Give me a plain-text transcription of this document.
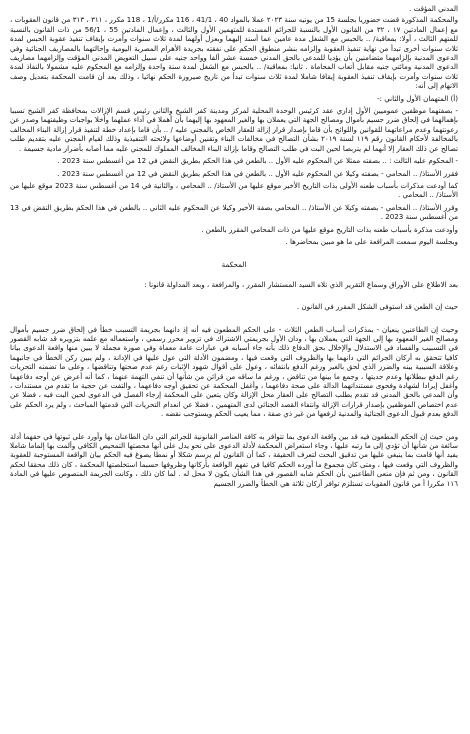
المدني المؤقت .

والمحكمة المذكورة قضت حضوريا بجلسة 15 من يونيه سنة ٢٠٢٣ عملا بالمواد 40 ، 41/1 ، 116 مكرر/أ/1 ، 118 مكرر ، ٣١١ ، ٣١٣ من قانون العقوبات ، مع إعمال المادتين ١٧ ، ٣٢ من القانون الأول بالنسبة للجرائم المسندة للمتهمين الأول والثالث ، وإعمال المادتين 55 ، 56/1 من ذات القانون بالنسبة للمتهم الثالث ، أولا: بمعاقبة/ .. بالحبس مع الشغل مدة عامين عما أسند إليهما وبعزل أولهما لمدة ثلاث سنوات وأمرت بإيقاف تنفيذ عقوبة الحبس لمدة ثلاث سنوات أخرى تبدأ من نهاية تنفيذ العقوبة وإلزامه بنشر منطوق الحكم على نفقته بجريدة الأهرام المصرية اليومية وإحالتهما بالمصاريف الجنائية وفي الدعوى المدنية بإلزامهما متضامنين بأن يؤديا للمدعي بالحق المدني خمسة عشر ألفا وواحد جنيه على سبيل التعويض المدني المؤقت وإلزامهما مصاريف الدعوى المدنية ومائتي جنيه مقابل أتعاب المحاماة . ثانيا: بمعاقبة/ .. بالحبس مع الشغل لمدة سنة واحدة وإلزامه مع المحكوم عليه مشمولا بالنفاذ لمدة ثلاث سنوات وأمرت بإيقاف تنفيذ العقوبة إيقافا شاملا لمدة ثلاث سنوات تبدأ من تاريخ صيرورة الحكم نهائيا ، وذلك بعد أن قامت المحكمة بتعديل وصف الاتهام إلى أنه:

(أ) المتهمان الأول والثاني :-

- بصفتهما موظفين عموميين الأول إداري عقد كرئيس الوحدة المحلية لمركز ومدينة كفر الشيخ والثاني رئيس قسم الإزالات بمحافظة كفر الشيخ تسببا بإهمالهما في إلحاق ضرر جسيم بأموال ومصالح الجهة التي يعملان بها والغير المعهود بها إليهما بأن أهملا في أداء عملهما وأخلا بواجبات وظيفتهما وصدر عن رعونتهما وعدم مراعاتهما للقوانين واللوائح بأن قاما بإصدار قرار إزالة للعقار الخاص بالمجني عليه / .. بأن قاما بإعداد خطة لتنفيذ قرار إزالة البناء المخالف بالمخالفة لأحكام القانون رقم ١١٩ لسنة ٢٠١٩ بشأن التصالح في مخالفات البناء وتقنين أوضاعها ولائحته التنفيذية وذلك لقيام المجني عليه بتقديم طلب تصالح عن ذلك العقار إلا أنهما لم يتربصا لحين البت في طلب التصالح وقاما بإزالة البناء المخالف المملوك للمجني عليه مما أصابه بأضرار مادية جسيمة .

- المحكوم عليه الثالث : .. بصفته ممثلا عن المحكوم عليه الأول .. بالطعن في هذا الحكم بطريق النقض في 12 من أغسطس سنة 2023 .

فقرر الأستاذ/ .. المحامي - بصفته وكيلا عن المحكوم عليه الأول .. بالطعن في هذا الحكم بطريق النقض في 12 من أغسطس سنة 2023 .

كما أودعت مذكرات بأسباب طعنه الأولى بذات التاريخ الأخير موقع عليها من الأستاذ/ .. المحامي ، والثانية في 14 من أغسطس سنة 2023 موقع عليها من الأستاذ/ .. المحامي .

وقرر الأستاذ/ .. المحامي - بصفته وكيلا عن الأستاذ/ .. المحامي بصفة الأخير وكيلا عن المحكوم عليه الثاني .. بالطعن في هذا الحكم بطريق النقض في 13 من أغسطس سنة 2023 .

وأودعت مذكرة بأسباب طعنه بذات التاريخ موقع عليها من ذات المحامي المقرر بالطعن .

وبجلسة اليوم سمعت المرافعة على ما هو مبين بمحاضرها .

المحكمة

بعد الاطلاع على الأوراق وسماع التقرير الذي تلاه السيد المستشار المقرر ، والمرافعة ، وبعد المداولة قانونا :

حيث إن الطعن قد استوفى الشكل المقرر في القانون .

وحيث إن الطاعنين ينعيان - بمذكرات أسباب الطعن الثلاث - على الحكم المطعون فيه أنه إذ دانهما بجريمة التسبب خطأ في إلحاق ضرر جسيم بأموال ومصالح الغير المعهود بها إلى الجهة التي يعملان بها ، ودان الأول بجريمتي الاشتراك في تزوير محرر رسمي ، واستعماله مع علمه بتزويره قد شابه القصور في التسبيب والفساد في الاستدلال والإخلال بحق الدفاع ذلك بأنه جاء أسبابه في عبارات عامة معماة وفي صورة مجملة لا يبين منها واقعة الدعوى بيانا كافيا تتحقق به أركان الجرائم التي دانهما بها والظروف التي وقعت فيها ، ومضمون الأدلة التي عول عليها في الإدانة ، ولم يبين ركن الخطأ في جانبهما وعلاقة السببية بينه والضرر الذي لحق بالغير ورغم الدفع بانتفائه ، وعول على أقوال شهود الإثبات رغم عدم صحتها وتناقضها ، وعلى ما تضمنه التحريات رغم الدفع ببطلانها وعدم جديتها ، وجمع ما بينها من تناقض ، ورغم ما ساقه من قرائن من شأنها أن تنفي التهمة عنهما ، كما أنه أعرض عن أوجه دفاعهما وأغفل إيرادا لشهادة وفحوى مستنداتهما الدالة على صحة دفاعهما ، وأغفل المحكمة عن تحقيق أوجه دفاعهما ، والتفت عن حجية ما تقدم من مستندات ، وأن المدعي بالحق المدني قد تقدم بطلب التصالح على العقار محل الإزالة وكان يتعين على المحكمة إرجاء الفصل في الدعوى لحين البت فيه ، فضلا عن عدم اختصاص الموظفين بإصدار قرارات الإزالة وانتفاء القصد الجنائي لدى المتهمين ، فضلا عن انعدام التحريات التي قدمتها المباحث ، ولم يرد الحكم على الدفع بعدم قبول الدعوى الجنائية والمدنية لرفعها من غير ذي صفة ، مما يعيب الحكم ويستوجب نقضه .

ومن حيث إن الحكم المطعون فيه قد بين واقعة الدعوى بما تتوافر به كافة العناصر القانونية للجرائم التي دان الطاعنان بها وأورد على ثبوتها في حقهما أدلة سائغة من شأنها أن تؤدي إلى ما رتبه عليها ، وجاء استعراض المحكمة لأدلة الدعوى على نحو يدل على أنها محصتها التمحيص الكافي وألمت بها إلماما شاملا يفيد أنها قامت بما ينبغي عليها من تدقيق البحث لتعرف الحقيقة ، كما أن القانون لم يرسم شكلا أو نمطا يصوغ فيه الحكم بيان الواقعة المستوجبة للعقوبة والظروف التي وقعت فيها ، ومتى كان مجموع ما أورده الحكم كافيا في تفهم الواقعة بأركانها وظروفها حسبما استخلصتها المحكمة ، كان ذلك محققا لحكم القانون ، ومن ثم فإن منعى الطاعنين بأن الحكم شابه القصور في هذا الشأن يكون لا محل له . لما كان ذلك ، وكانت الجريمة المنصوص عليها في المادة ١١٦ مكررا أ من قانون العقوبات تستلزم توافر أركان ثلاثة هي الخطأ والضرر الجسيم
